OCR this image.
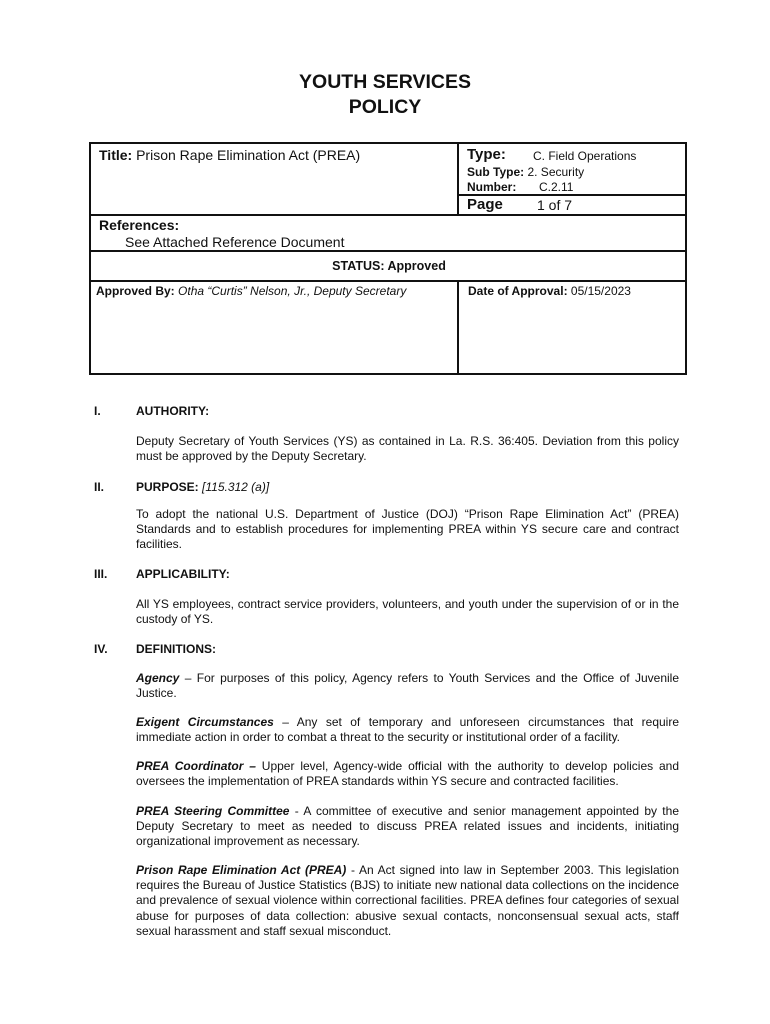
YOUTH SERVICES
POLICY
Title: Prison Rape Elimination Act (PREA)	Type: C. Field Operations
Sub Type: 2. Security
Number: C.2.11
Page 1 of 7
References:
See Attached Reference Document
STATUS: Approved
Approved By: Otha “Curtis” Nelson, Jr., Deputy Secretary	Date of Approval: 05/15/2023
I.	AUTHORITY:
Deputy Secretary of Youth Services (YS) as contained in La. R.S. 36:405. Deviation from this policy must be approved by the Deputy Secretary.
II.	PURPOSE: [115.312 (a)]
To adopt the national U.S. Department of Justice (DOJ) “Prison Rape Elimination Act” (PREA) Standards and to establish procedures for implementing PREA within YS secure care and contract facilities.
III.	APPLICABILITY:
All YS employees, contract service providers, volunteers, and youth under the supervision of or in the custody of YS.
IV.	DEFINITIONS:
Agency – For purposes of this policy, Agency refers to Youth Services and the Office of Juvenile Justice.
Exigent Circumstances – Any set of temporary and unforeseen circumstances that require immediate action in order to combat a threat to the security or institutional order of a facility.
PREA Coordinator – Upper level, Agency-wide official with the authority to develop policies and oversees the implementation of PREA standards within YS secure and contracted facilities.
PREA Steering Committee - A committee of executive and senior management appointed by the Deputy Secretary to meet as needed to discuss PREA related issues and incidents, initiating organizational improvement as necessary.
Prison Rape Elimination Act (PREA) - An Act signed into law in September 2003. This legislation requires the Bureau of Justice Statistics (BJS) to initiate new national data collections on the incidence and prevalence of sexual violence within correctional facilities. PREA defines four categories of sexual abuse for purposes of data collection: abusive sexual contacts, nonconsensual sexual acts, staff sexual harassment and staff sexual misconduct.
